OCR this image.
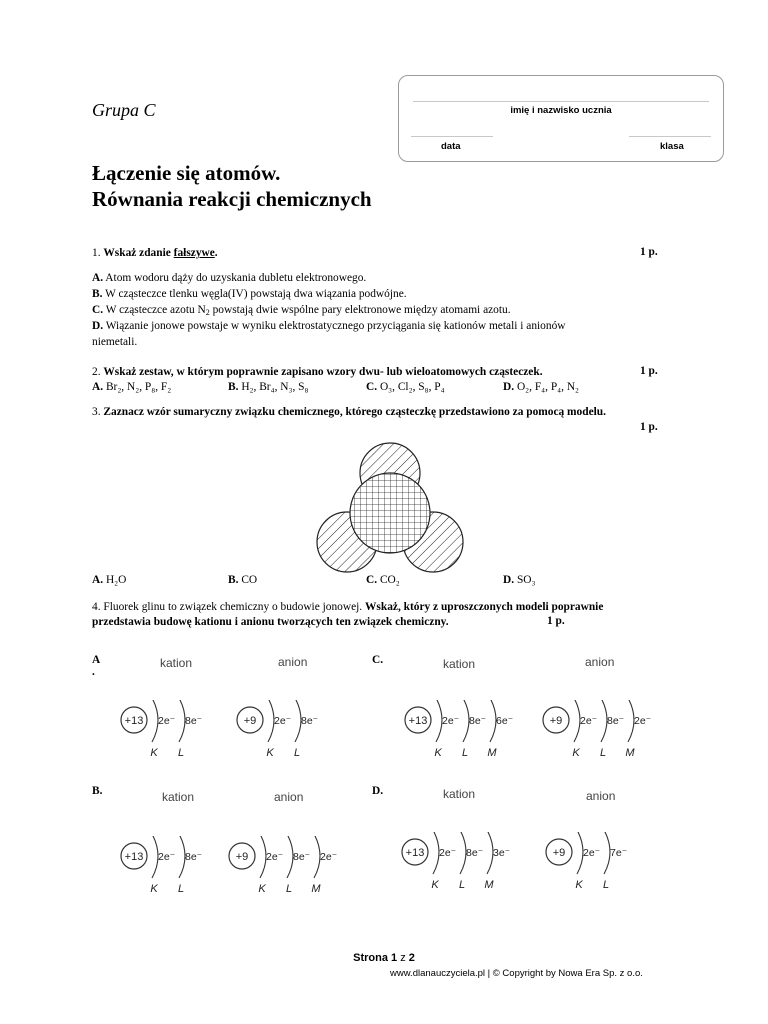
Grupa C	imię i nazwisko ucznia
data	klasa
Łączenie się atomów.
Równania reakcji chemicznych
1. Wskaż zdanie fałszywe.	1 p.
A. Atom wodoru dąży do uzyskania dubletu elektronowego.
B. W cząsteczce tlenku węgla(IV) powstają dwa wiązania podwójne.
C. W cząsteczce azotu $N_2$ powstają dwie wspólne pary elektronowe między atomami azotu.
D. Wiązanie jonowe powstaje w wyniku elektrostatycznego przyciągania się kationów metali i anionów
niemetali.
2. Wskaż zestaw, w którym poprawnie zapisano wzory dwu- lub wieloatomowych cząsteczek.	1 p.
A. Br₂, N₂, P₈, F₂	B. H₂, Br₄, N₃, S₈	C. O₃, Cl₂, S₈, P₄	D. O₂, F₄, P₄, N₂
3. Zaznacz wzór sumaryczny związku chemicznego, którego cząsteczkę przedstawiono za pomocą modelu.
1 p.
A. H₂O	B. CO	C. CO₂	D. SO₃
4. Fluorek glinu to związek chemiczny o budowie jonowej. Wskaż, który z uproszczonych modeli poprawnie
przedstawia budowę kationu i anionu tworzących ten związek chemiczny.	1 p.
A
.
C.
B.	D.
kation	anion	kation	anion
kation	anion	kation	anion
+13 2e⁻
K
8e⁻
L
+9 2e⁻
K
8e⁻
L
+13 2e⁻
K
8e⁻
L
6e⁻
M
+9 2e⁻
K
8e⁻
L
2e⁻
M
+13 2e⁻
K
8e⁻
L
+9 2e⁻
K
8e⁻
L
2e⁻
M
+13 2e⁻
K
8e⁻
L
3e⁻
M
+9 2e⁻
K
7e⁻
L
Strona 1 z 2
www.dlanauczyciela.pl | © Copyright by Nowa Era Sp. z o.o.
